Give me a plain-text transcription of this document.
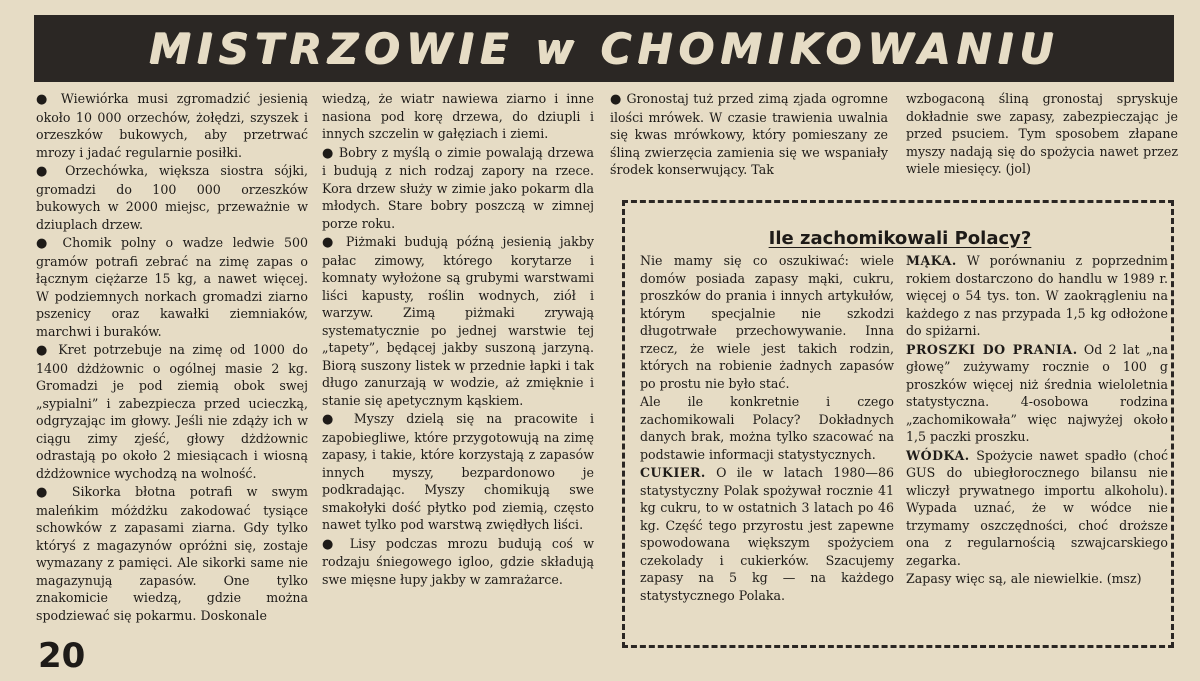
MISTRZOWIE w CHOMIKOWANIU

● Wiewiórka musi zgromadzić jesienią około 10 000 orzechów, żołędzi, szyszek i orzeszków bukowych, aby przetrwać mrozy i jadać regularnie posiłki.

● Orzechówka, większa siostra sójki, gromadzi do 100 000 orzeszków bukowych w 2000 miejsc, przeważnie w dziuplach drzew.

● Chomik polny o wadze ledwie 500 gramów potrafi zebrać na zimę zapas o łącznym ciężarze 15 kg, a nawet więcej. W podziemnych norkach gromadzi ziarno pszenicy oraz kawałki ziemniaków, marchwi i buraków.

● Kret potrzebuje na zimę od 1000 do 1400 dżdżownic o ogólnej masie 2 kg. Gromadzi je pod ziemią obok swej „sypialni” i zabezpiecza przed ucieczką, odgryzając im głowy. Jeśli nie zdąży ich w ciągu zimy zjeść, głowy dżdżownic odrastają po około 2 miesiącach i wiosną dżdżownice wychodzą na wolność.

● Sikorka błotna potrafi w swym maleńkim móżdżku zakodować tysiące schowków z zapasami ziarna. Gdy tylko któryś z magazynów opróżni się, zostaje wymazany z pamięci. Ale sikorki same nie magazynują zapasów. One tylko znakomicie wiedzą, gdzie można spodziewać się pokarmu. Doskonale

wiedzą, że wiatr nawiewa ziarno i inne nasiona pod korę drzewa, do dziupli i innych szczelin w gałęziach i ziemi.

● Bobry z myślą o zimie powalają drzewa i budują z nich rodzaj zapory na rzece. Kora drzew służy w zimie jako pokarm dla młodych. Stare bobry poszczą w zimnej porze roku.

● Piżmaki budują późną jesienią jakby pałac zimowy, którego korytarze i komnaty wyłożone są grubymi warstwami liści kapusty, roślin wodnych, ziół i warzyw. Zimą piżmaki zrywają systematycznie po jednej warstwie tej „tapety”, będącej jakby suszoną jarzyną. Biorą suszony listek w przednie łapki i tak długo zanurzają w wodzie, aż zmięknie i stanie się apetycznym kąskiem.

● Myszy dzielą się na pracowite i zapobiegliwe, które przygotowują na zimę zapasy, i takie, które korzystają z zapasów innych myszy, bezpardonowo je podkradając. Myszy chomikują swe smakołyki dość płytko pod ziemią, często nawet tylko pod warstwą zwiędłych liści.

● Lisy podczas mrozu budują coś w rodzaju śniegowego igloo, gdzie składują swe mięsne łupy jakby w zamrażarce.

● Gronostaj tuż przed zimą zjada ogromne ilości mrówek. W czasie trawienia uwalnia się kwas mrówkowy, który pomieszany ze śliną zwierzęcia zamienia się we wspaniały środek konserwujący. Tak

wzbogaconą śliną gronostaj spryskuje dokładnie swe zapasy, zabezpieczając je przed psuciem. Tym sposobem złapane myszy nadają się do spożycia nawet przez wiele miesięcy. (jol)

Ile zachomikowali Polacy?

Nie mamy się co oszukiwać: wiele domów posiada zapasy mąki, cukru, proszków do prania i innych artykułów, którym specjalnie nie szkodzi długotrwałe przechowywanie. Inna rzecz, że wiele jest takich rodzin, których na robienie żadnych zapasów po prostu nie było stać.

Ale ile konkretnie i czego zachomikowali Polacy? Dokładnych danych brak, można tylko szacować na podstawie informacji statystycznych.

CUKIER. O ile w latach 1980—86 statystyczny Polak spożywał rocznie 41 kg cukru, to w ostatnich 3 latach po 46 kg. Część tego przyrostu jest zapewne spowodowana większym spożyciem czekolady i cukierków. Szacujemy zapasy na 5 kg — na każdego statystycznego Polaka.

MĄKA. W porównaniu z poprzednim rokiem dostarczono do handlu w 1989 r. więcej o 54 tys. ton. W zaokrągleniu na każdego z nas przypada 1,5 kg odłożone do spiżarni.

PROSZKI DO PRANIA. Od 2 lat „na głowę” zużywamy rocznie o 100 g proszków więcej niż średnia wieloletnia statystyczna. 4-osobowa rodzina „zachomikowała” więc najwyżej około 1,5 paczki proszku.

WÓDKA. Spożycie nawet spadło (choć GUS do ubiegłorocznego bilansu nie wliczył prywatnego importu alkoholu). Wypada uznać, że w wódce nie trzymamy oszczędności, choć droższe ona z regularnością szwajcarskiego zegarka.

Zapasy więc są, ale niewielkie. (msz)

20
